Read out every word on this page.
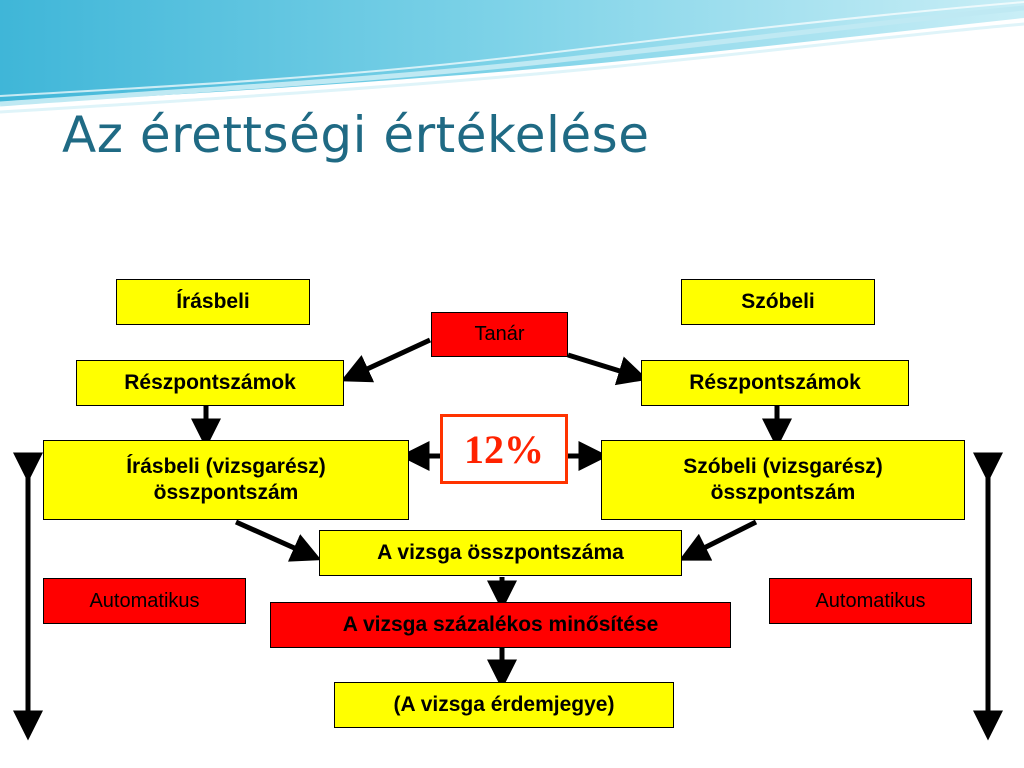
Az érettségi értékelése
Írásbeli	Szóbeli
Tanár
Részpontszámok	Részpontszámok
12%
Írásbeli (vizsgarész)
összpontszám
Szóbeli (vizsgarész)
összpontszám
A vizsga összpontszáma
Automatikus	Automatikus
A vizsga százalékos minősítése
(A vizsga érdemjegye)
